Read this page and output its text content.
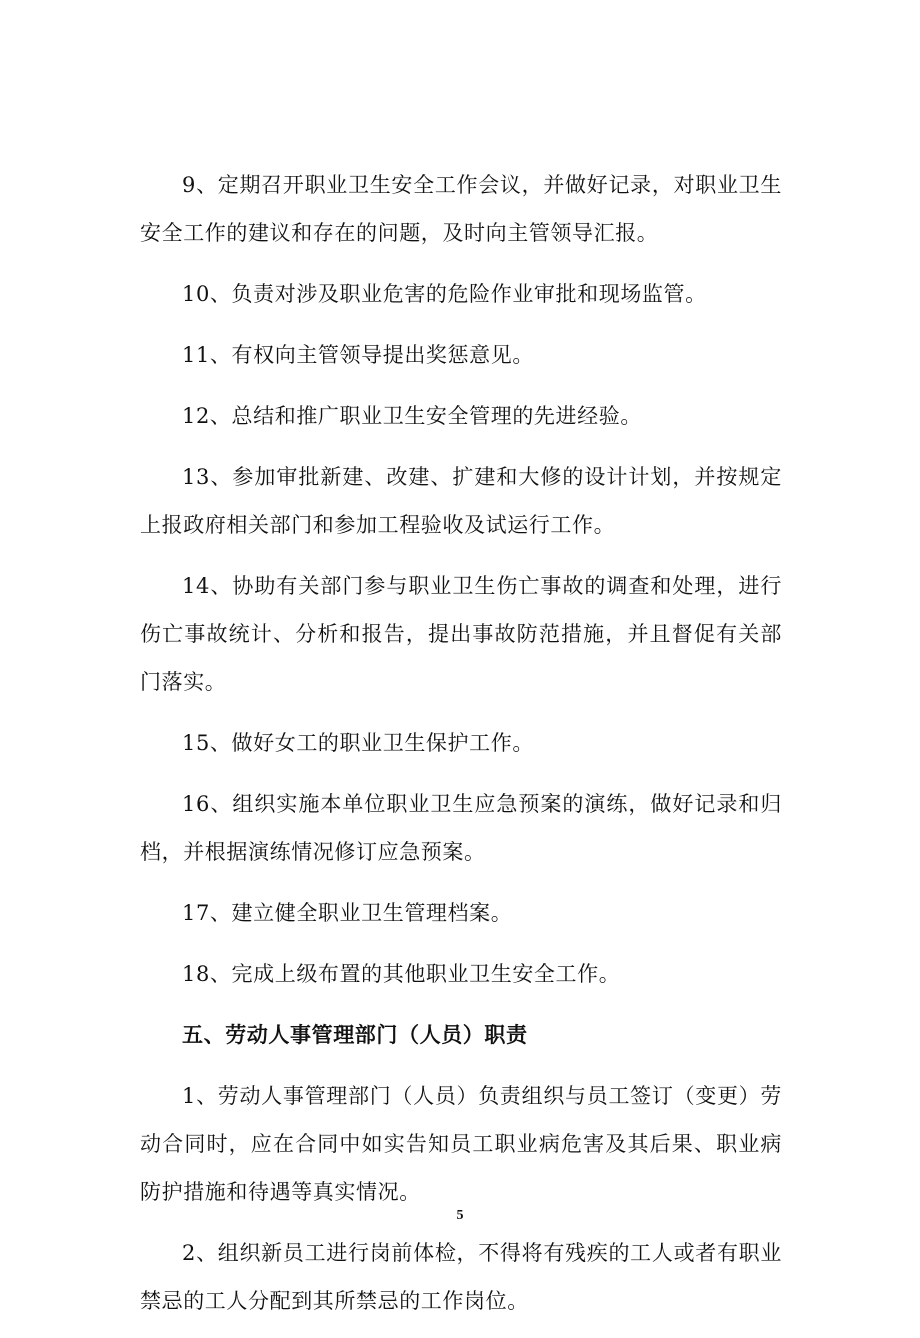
9、定期召开职业卫生安全工作会议，并做好记录，对职业卫生安全工作的建议和存在的问题，及时向主管领导汇报。

10、负责对涉及职业危害的危险作业审批和现场监管。

11、有权向主管领导提出奖惩意见。

12、总结和推广职业卫生安全管理的先进经验。

13、参加审批新建、改建、扩建和大修的设计计划，并按规定上报政府相关部门和参加工程验收及试运行工作。

14、协助有关部门参与职业卫生伤亡事故的调查和处理，进行伤亡事故统计、分析和报告，提出事故防范措施，并且督促有关部门落实。

15、做好女工的职业卫生保护工作。

16、组织实施本单位职业卫生应急预案的演练，做好记录和归档，并根据演练情况修订应急预案。

17、建立健全职业卫生管理档案。

18、完成上级布置的其他职业卫生安全工作。

五、劳动人事管理部门（人员）职责

1、劳动人事管理部门（人员）负责组织与员工签订（变更）劳动合同时，应在合同中如实告知员工职业病危害及其后果、职业病防护措施和待遇等真实情况。

2、组织新员工进行岗前体检，不得将有残疾的工人或者有职业禁忌的工人分配到其所禁忌的工作岗位。

5
